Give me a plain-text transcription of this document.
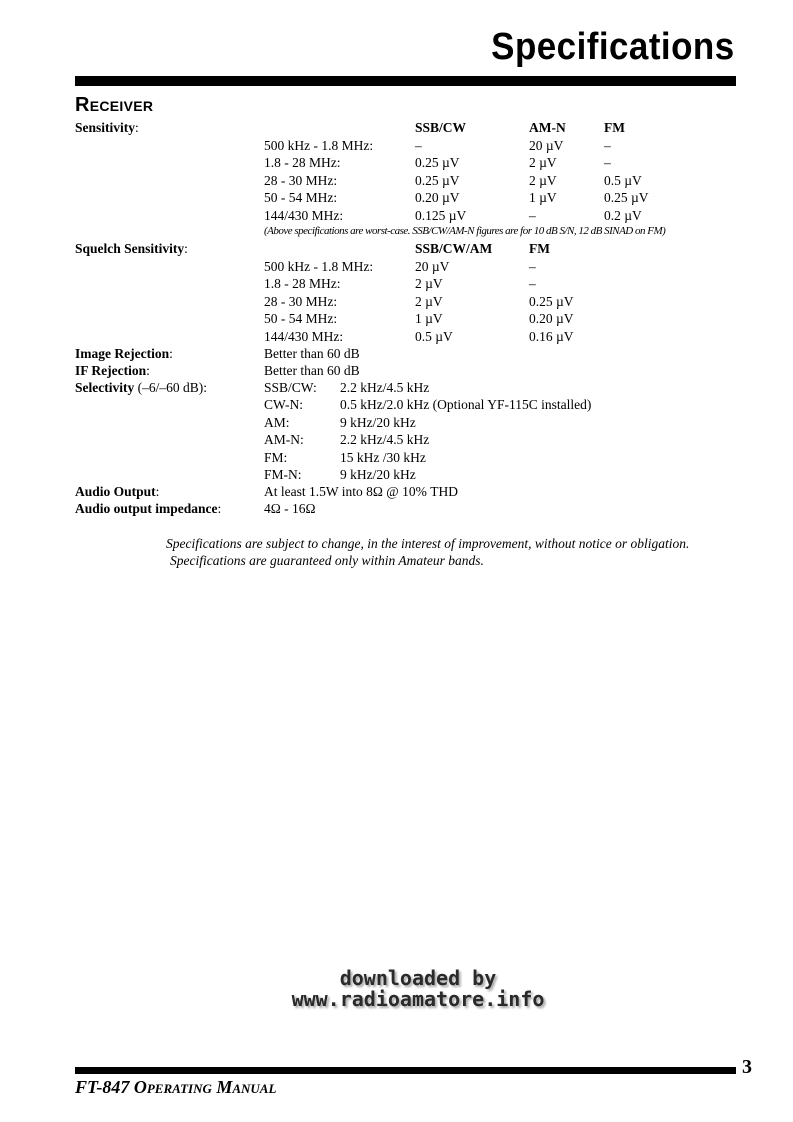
Specifications
Receiver
Sensitivity:	SSB/CW	AM-N	FM
500 kHz - 1.8 MHz:	–	20 µV	–
1.8 - 28 MHz:	0.25 µV	2 µV	–
28 - 30 MHz:	0.25 µV	2 µV	0.5 µV
50 - 54 MHz:	0.20 µV	1 µV	0.25 µV
144/430 MHz:	0.125 µV	–	0.2 µV
(Above specifications are worst-case. SSB/CW/AM-N figures are for 10 dB S/N, 12 dB SINAD on FM)
Squelch Sensitivity:	SSB/CW/AM	FM
500 kHz - 1.8 MHz:	20 µV	–
1.8 - 28 MHz:	2 µV	–
28 - 30 MHz:	2 µV	0.25 µV
50 - 54 MHz:	1 µV	0.20 µV
144/430 MHz:	0.5 µV	0.16 µV
Image Rejection:	Better than 60 dB
IF Rejection:	Better than 60 dB
Selectivity (–6/–60 dB):	SSB/CW: 2.2 kHz/4.5 kHz
CW-N:	0.5 kHz/2.0 kHz (Optional YF-115C installed)
AM:	9 kHz/20 kHz
AM-N:	2.2 kHz/4.5 kHz
FM:	15 kHz /30 kHz
FM-N:	9 kHz/20 kHz
Audio Output:	At least 1.5W into 8Ω @ 10% THD
Audio output impedance:	4Ω - 16Ω
Specifications are subject to change, in the interest of improvement, without notice or obligation.
Specifications are guaranteed only within Amateur bands.
downloaded by
www.radioamatore.info
3
FT-847 Operating Manual
